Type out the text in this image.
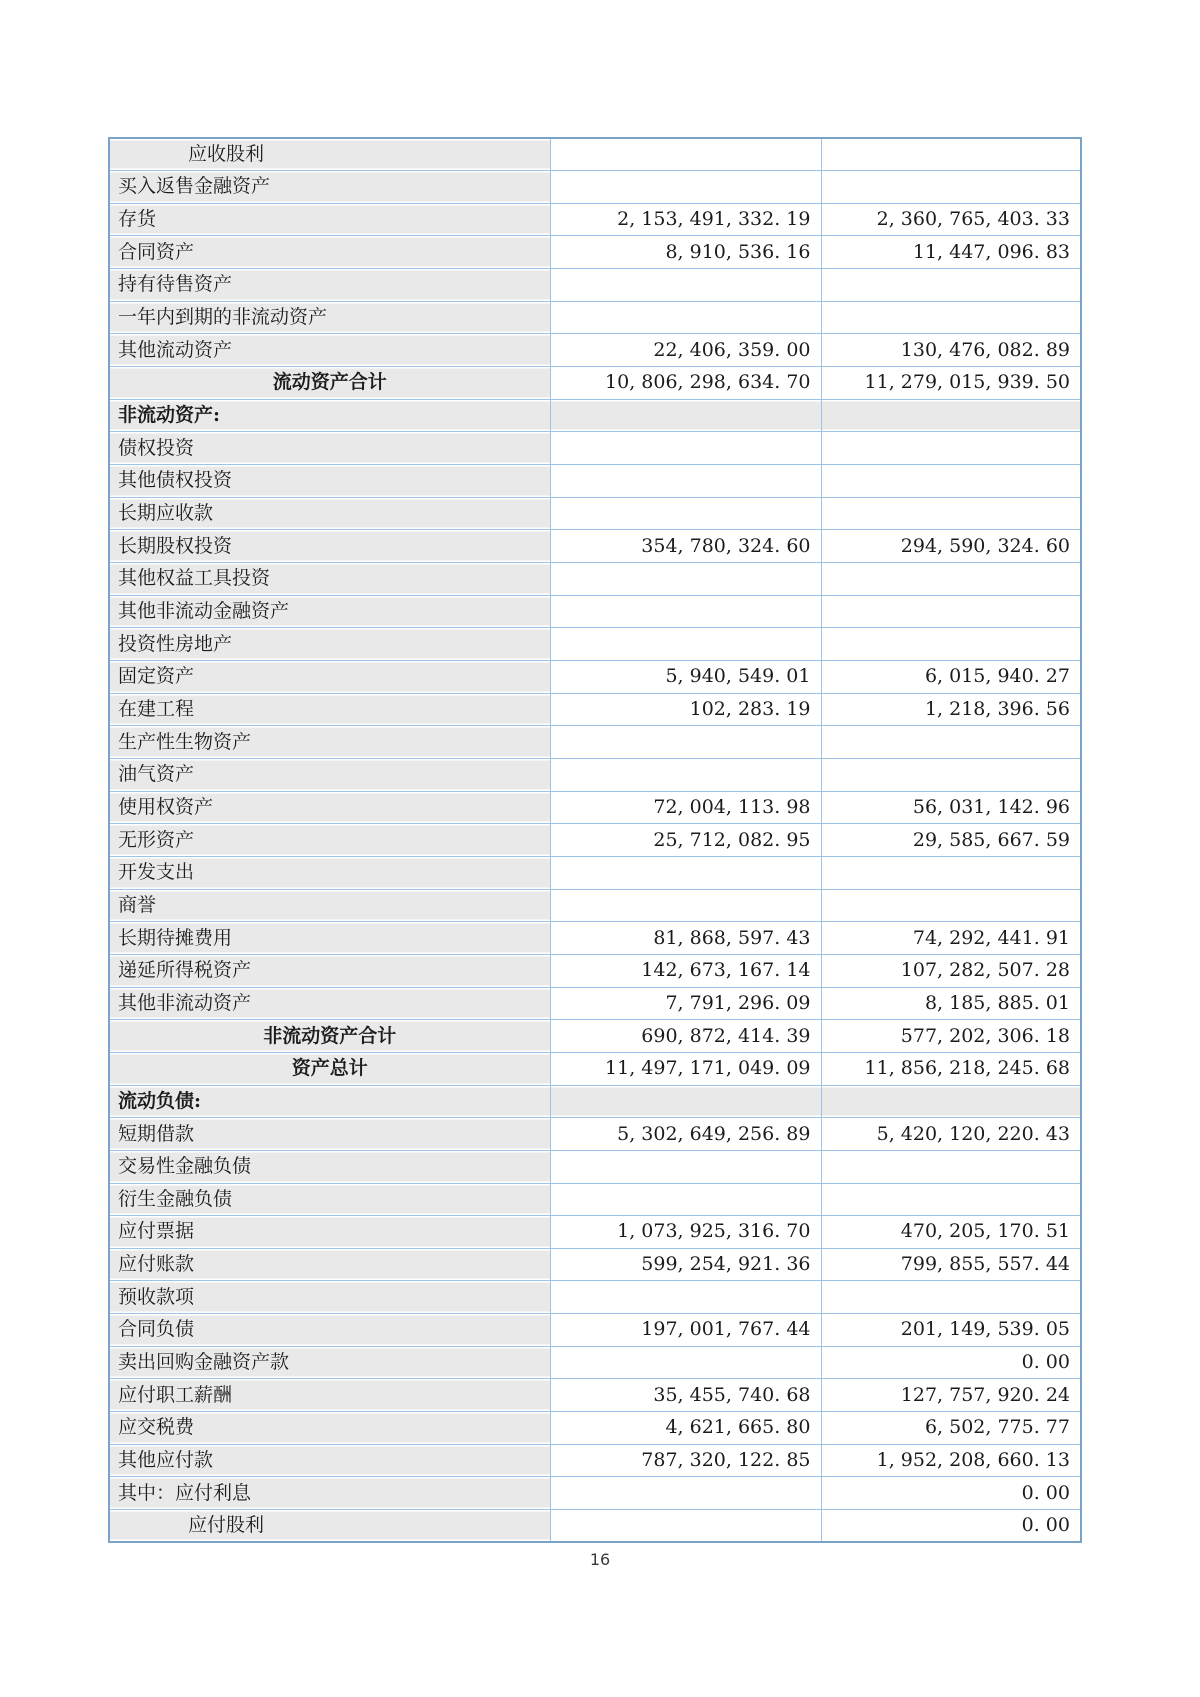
应收股利		
买入返售金融资产		
存货	2, 153, 491, 332. 19	2, 360, 765, 403. 33
合同资产	8, 910, 536. 16	11, 447, 096. 83
持有待售资产		
一年内到期的非流动资产		
其他流动资产	22, 406, 359. 00	130, 476, 082. 89
流动资产合计	10, 806, 298, 634. 70	11, 279, 015, 939. 50
非流动资产:		
债权投资		
其他债权投资		
长期应收款		
长期股权投资	354, 780, 324. 60	294, 590, 324. 60
其他权益工具投资		
其他非流动金融资产		
投资性房地产		
固定资产	5, 940, 549. 01	6, 015, 940. 27
在建工程	102, 283. 19	1, 218, 396. 56
生产性生物资产		
油气资产		
使用权资产	72, 004, 113. 98	56, 031, 142. 96
无形资产	25, 712, 082. 95	29, 585, 667. 59
开发支出		
商誉		
长期待摊费用	81, 868, 597. 43	74, 292, 441. 91
递延所得税资产	142, 673, 167. 14	107, 282, 507. 28
其他非流动资产	7, 791, 296. 09	8, 185, 885. 01
非流动资产合计	690, 872, 414. 39	577, 202, 306. 18
资产总计	11, 497, 171, 049. 09	11, 856, 218, 245. 68
流动负债:		
短期借款	5, 302, 649, 256. 89	5, 420, 120, 220. 43
交易性金融负债		
衍生金融负债		
应付票据	1, 073, 925, 316. 70	470, 205, 170. 51
应付账款	599, 254, 921. 36	799, 855, 557. 44
预收款项		
合同负债	197, 001, 767. 44	201, 149, 539. 05
卖出回购金融资产款		0. 00
应付职工薪酬	35, 455, 740. 68	127, 757, 920. 24
应交税费	4, 621, 665. 80	6, 502, 775. 77
其他应付款	787, 320, 122. 85	1, 952, 208, 660. 13
其中：应付利息		0. 00
应付股利		0. 00
16
